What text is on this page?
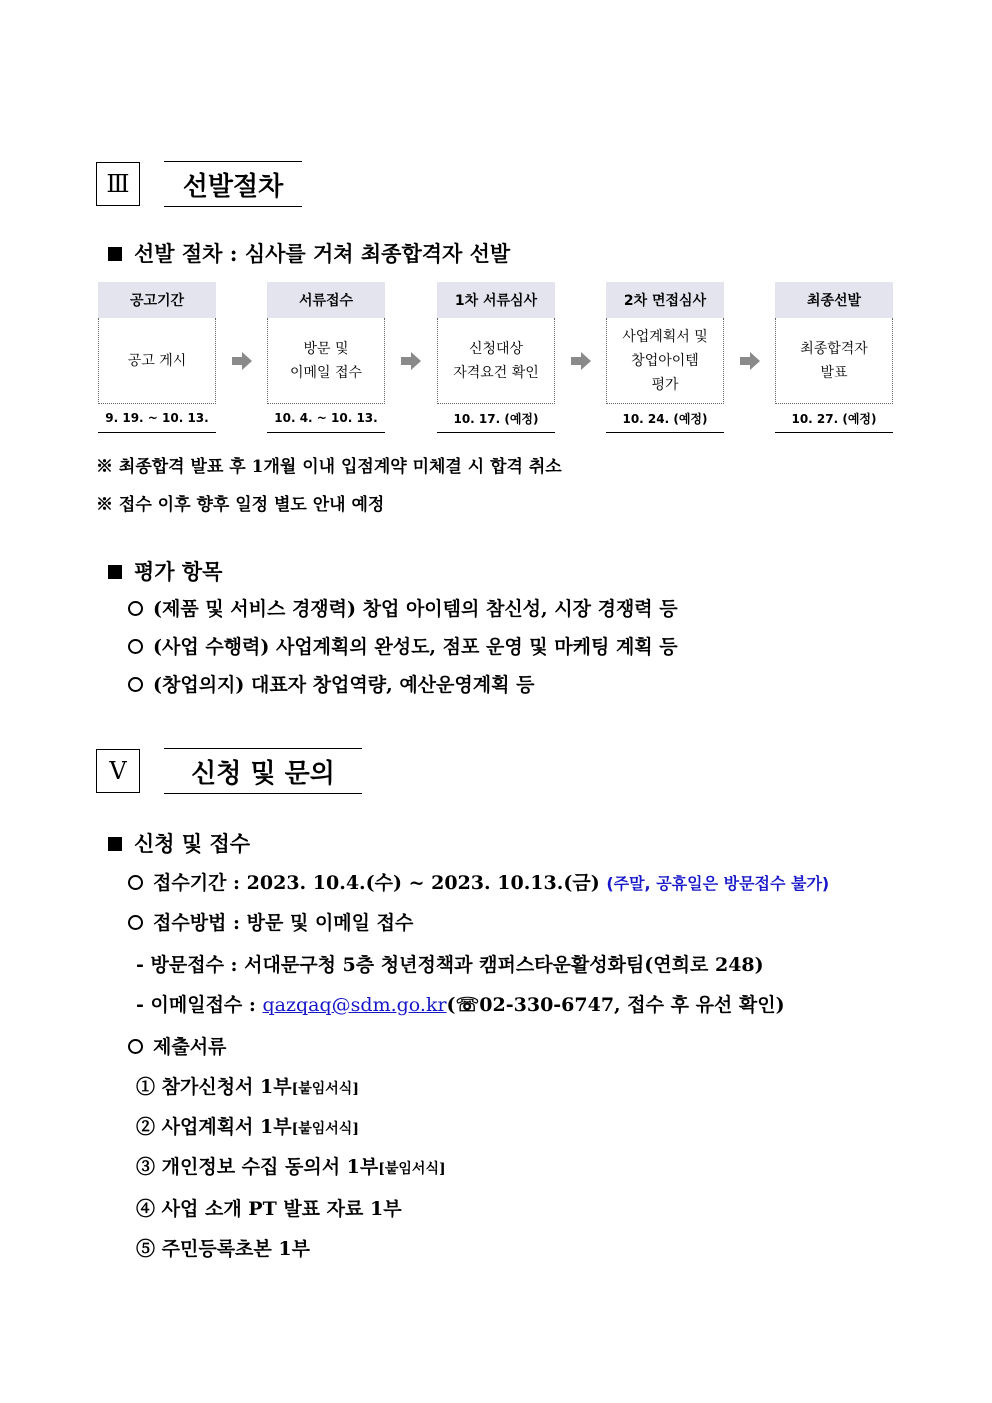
Ⅲ	선발절차
선발 절차 : 심사를 거쳐 최종합격자 선발
공고기간
공고 게시
9. 19. ~ 10. 13.
서류접수
방문 및
이메일 접수
10. 4. ~ 10. 13.
1차 서류심사
신청대상
자격요건 확인
10. 17. (예정)
2차 면접심사
사업계획서 및
창업아이템
평가
10. 24. (예정)
최종선발
최종합격자
발표
10. 27. (예정)
※ 최종합격 발표 후 1개월 이내 입점계약 미체결 시 합격 취소
※ 접수 이후 향후 일정 별도 안내 예정
평가 항목
(제품 및 서비스 경쟁력) 창업 아이템의 참신성, 시장 경쟁력 등
(사업 수행력) 사업계획의 완성도, 점포 운영 및 마케팅 계획 등
(창업의지) 대표자 창업역량, 예산운영계획 등
Ⅴ	신청 및 문의
신청 및 접수
접수기간 : 2023. 10.4.(수) ~ 2023. 10.13.(금) (주말, 공휴일은 방문접수 불가)
접수방법 : 방문 및 이메일 접수
- 방문접수 : 서대문구청 5층 청년정책과 캠퍼스타운활성화팀(연희로 248)
- 이메일접수 : qazqaq@sdm.go.kr(☏02-330-6747, 접수 후 유선 확인)
제출서류
① 참가신청서 1부[붙임서식]
② 사업계획서 1부[붙임서식]
③ 개인정보 수집 동의서 1부[붙임서식]
④ 사업 소개 PT 발표 자료 1부
⑤ 주민등록초본 1부
